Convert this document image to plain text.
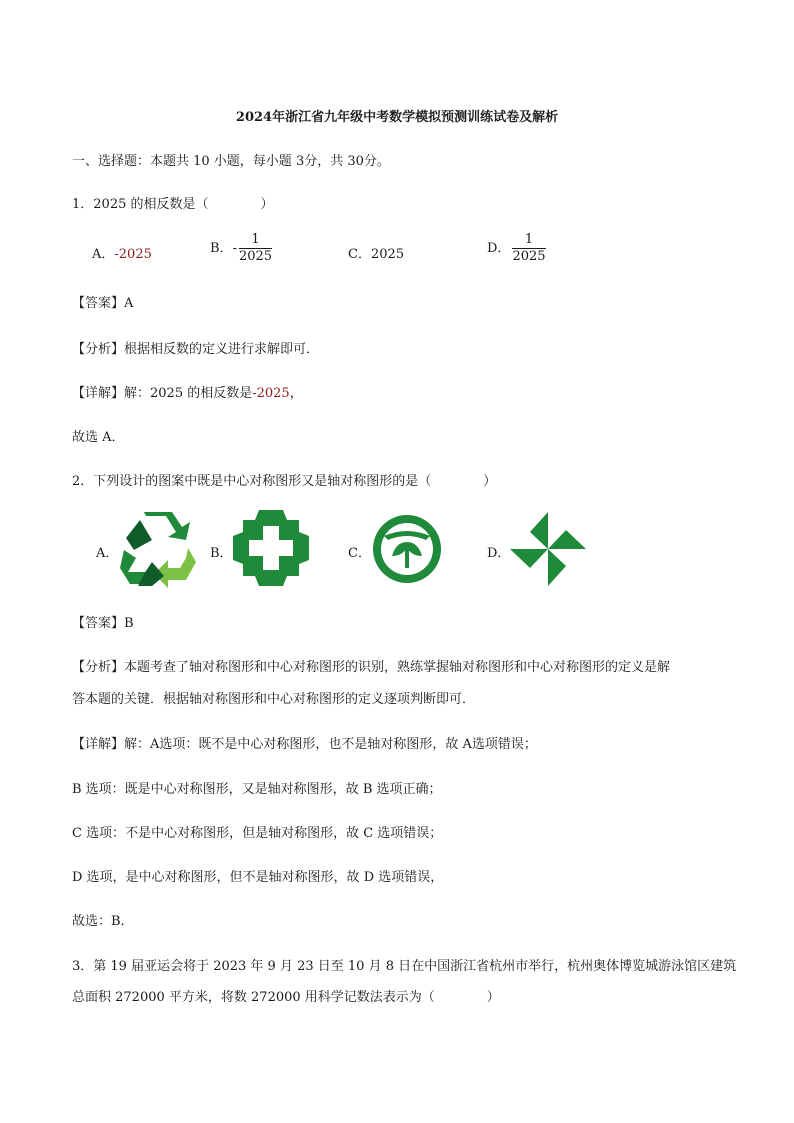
2024年浙江省九年级中考数学模拟预测训练试卷及解析
一、选择题：本题共 10 小题，每小题 3分，共 30分。
1．2025 的相反数是（　　　　）
A．-2025	B．- $\frac{1}{2025}$	C．2025	D． $\frac{1}{2025}$
【答案】A
【分析】根据相反数的定义进行求解即可．
【详解】解：2025 的相反数是-2025，
故选 A．
2．下列设计的图案中既是中心对称图形又是轴对称图形的是（　　　　）
A．	B．	C．	D．
【答案】B
【分析】本题考查了轴对称图形和中心对称图形的识别，熟练掌握轴对称图形和中心对称图形的定义是解
答本题的关键．根据轴对称图形和中心对称图形的定义逐项判断即可．
【详解】解：A选项：既不是中心对称图形，也不是轴对称图形，故 A选项错误；
B 选项：既是中心对称图形，又是轴对称图形，故 B 选项正确；
C 选项：不是中心对称图形，但是轴对称图形，故 C 选项错误；
D 选项，是中心对称图形，但不是轴对称图形，故 D 选项错误，
故选：B．
3．第 19 届亚运会将于 2023 年 9 月 23 日至 10 月 8 日在中国浙江省杭州市举行，杭州奥体博览城游泳馆区建筑
总面积 272000 平方米，将数 272000 用科学记数法表示为（　　　　）
